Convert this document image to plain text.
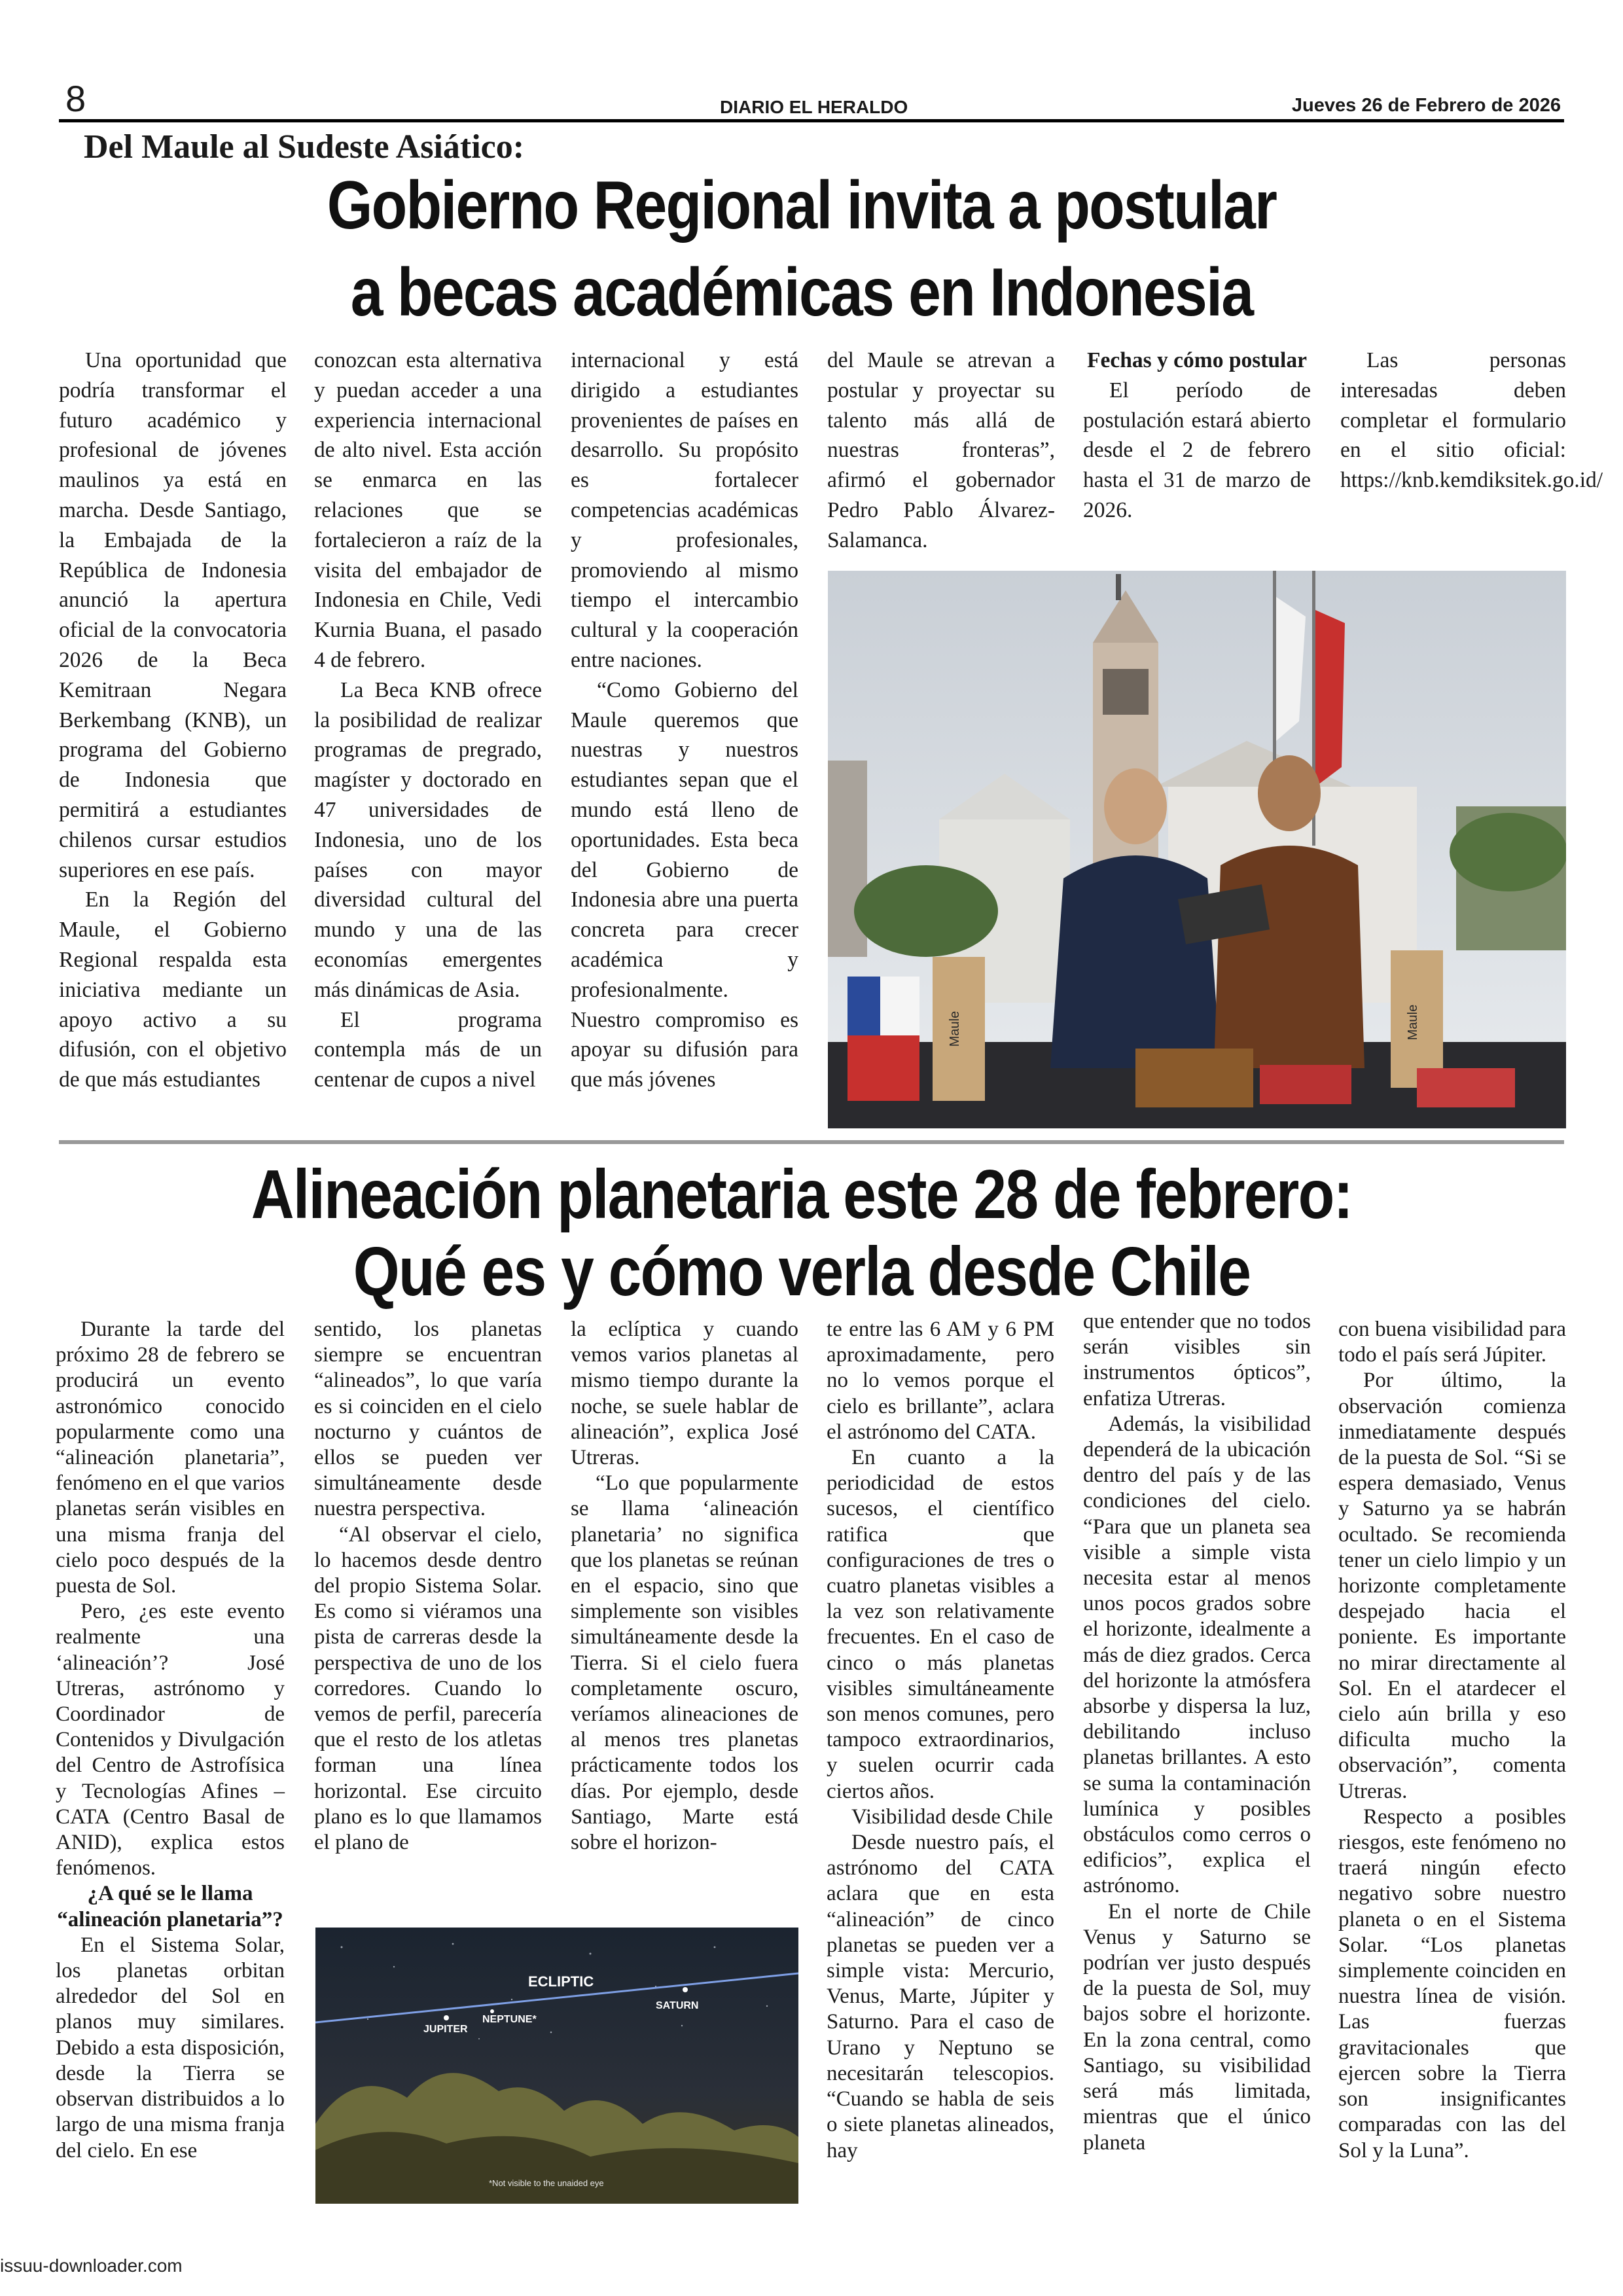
8	DIARIO EL HERALDO	Jueves 26 de Febrero de 2026
Del Maule al Sudeste Asiático:
Gobierno Regional invita a postular
a becas académicas en Indonesia

Una oportunidad que podría transformar el futuro académico y profesional de jóvenes maulinos ya está en marcha. Desde Santiago, la Embajada de la República de Indonesia anunció la apertura oficial de la convocatoria 2026 de la Beca Kemitraan Negara Berkembang (KNB), un programa del Gobierno de Indonesia que permitirá a estudiantes chilenos cursar estudios superiores en ese país.

En la Región del Maule, el Gobierno Regional respalda esta iniciativa mediante un apoyo activo a su difusión, con el objetivo de que más estudiantes

conozcan esta alternativa y puedan acceder a una experiencia internacional de alto nivel. Esta acción se enmarca en las relaciones que se fortalecieron a raíz de la visita del embajador de Indonesia en Chile, Vedi Kurnia Buana, el pasado 4 de febrero.

La Beca KNB ofrece la posibilidad de realizar programas de pregrado, magíster y doctorado en 47 universidades de Indonesia, uno de los países con mayor diversidad cultural del mundo y una de las economías emergentes más dinámicas de Asia.

El programa contempla más de un centenar de cupos a nivel

internacional y está dirigido a estudiantes provenientes de países en desarrollo. Su propósito es fortalecer competencias académicas y profesionales, promoviendo al mismo tiempo el intercambio cultural y la cooperación entre naciones.

“Como Gobierno del Maule queremos que nuestras y nuestros estudiantes sepan que el mundo está lleno de oportunidades. Esta beca del Gobierno de Indonesia abre una puerta concreta para crecer académica y profesionalmente. Nuestro compromiso es apoyar su difusión para que más jóvenes

del Maule se atrevan a postular y proyectar su talento más allá de nuestras fronteras”, afirmó el gobernador Pedro Pablo Álvarez-Salamanca.

Fechas y cómo postular

El período de postulación estará abierto desde el 2 de febrero hasta el 31 de marzo de 2026.

Las personas interesadas deben completar el formulario en el sitio oficial: https://knb.kemdiksitek.go.id/

Maule	Maule
Alineación planetaria este 28 de febrero:
Qué es y cómo verla desde Chile

Durante la tarde del próximo 28 de febrero se producirá un evento astronómico conocido popularmente como una “alineación planetaria”, fenómeno en el que varios planetas serán visibles en una misma franja del cielo poco después de la puesta de Sol.

Pero, ¿es este evento realmente una ‘alineación’? José Utreras, astrónomo y Coordinador de Contenidos y Divulgación del Centro de Astrofísica y Tecnologías Afines – CATA (Centro Basal de ANID), explica estos fenómenos.

¿A qué se le llama “alineación planetaria”?

En el Sistema Solar, los planetas orbitan alrededor del Sol en planos muy similares. Debido a esta disposición, desde la Tierra se observan distribuidos a lo largo de una misma franja del cielo. En ese

sentido, los planetas siempre se encuentran “alineados”, lo que varía es si coinciden en el cielo nocturno y cuántos de ellos se pueden ver simultáneamente desde nuestra perspectiva.

“Al observar el cielo, lo hacemos desde dentro del propio Sistema Solar. Es como si viéramos una pista de carreras desde la perspectiva de uno de los corredores. Cuando lo vemos de perfil, parecería que el resto de los atletas forman una línea horizontal. Ese circuito plano es lo que llamamos el plano de

la eclíptica y cuando vemos varios planetas al mismo tiempo durante la noche, se suele hablar de alineación”, explica José Utreras.

“Lo que popularmente se llama ‘alineación planetaria’ no significa que los planetas se reúnan en el espacio, sino que simplemente son visibles simultáneamente desde la Tierra. Si el cielo fuera completamente oscuro, veríamos alineaciones de al menos tres planetas prácticamente todos los días. Por ejemplo, desde Santiago, Marte está sobre el horizon-

te entre las 6 AM y 6 PM aproximadamente, pero no lo vemos porque el cielo es brillante”, aclara el astrónomo del CATA.

En cuanto a la periodicidad de estos sucesos, el científico ratifica que configuraciones de tres o cuatro planetas visibles a la vez son relativamente frecuentes. En el caso de cinco o más planetas visibles simultáneamente son menos comunes, pero tampoco extraordinarios, y suelen ocurrir cada ciertos años.

Visibilidad desde Chile

Desde nuestro país, el astrónomo del CATA aclara que en esta “alineación” de cinco planetas se pueden ver a simple vista: Mercurio, Venus, Marte, Júpiter y Saturno. Para el caso de Urano y Neptuno se necesitarán telescopios. “Cuando se habla de seis o siete planetas alineados, hay

que entender que no todos serán visibles sin instrumentos ópticos”, enfatiza Utreras.

Además, la visibilidad dependerá de la ubicación dentro del país y de las condiciones del cielo. “Para que un planeta sea visible a simple vista necesita estar al menos unos pocos grados sobre el horizonte, idealmente a más de diez grados. Cerca del horizonte la atmósfera absorbe y dispersa la luz, debilitando incluso planetas brillantes. A esto se suma la contaminación lumínica y posibles obstáculos como cerros o edificios”, explica el astrónomo.

En el norte de Chile Venus y Saturno se podrían ver justo después de la puesta de Sol, muy bajos sobre el horizonte. En la zona central, como Santiago, su visibilidad será más limitada, mientras que el único planeta

con buena visibilidad para todo el país será Júpiter.

Por último, la observación comienza inmediatamente después de la puesta de Sol. “Si se espera demasiado, Venus y Saturno ya se habrán ocultado. Se recomienda tener un cielo limpio y un horizonte completamente despejado hacia el poniente. Es importante no mirar directamente al Sol. En el atardecer el cielo aún brilla y eso dificulta mucho la observación”, comenta Utreras.

Respecto a posibles riesgos, este fenómeno no traerá ningún efecto negativo sobre nuestro planeta o en el Sistema Solar. “Los planetas simplemente coinciden en nuestra línea de visión. Las fuerzas gravitacionales que ejercen sobre la Tierra son insignificantes comparadas con las del Sol y la Luna”.

ECLIPTIC
SATURN
NEPTUNE*
JUPITER
*Not visible to the unaided eye
issuu-downloader.com
